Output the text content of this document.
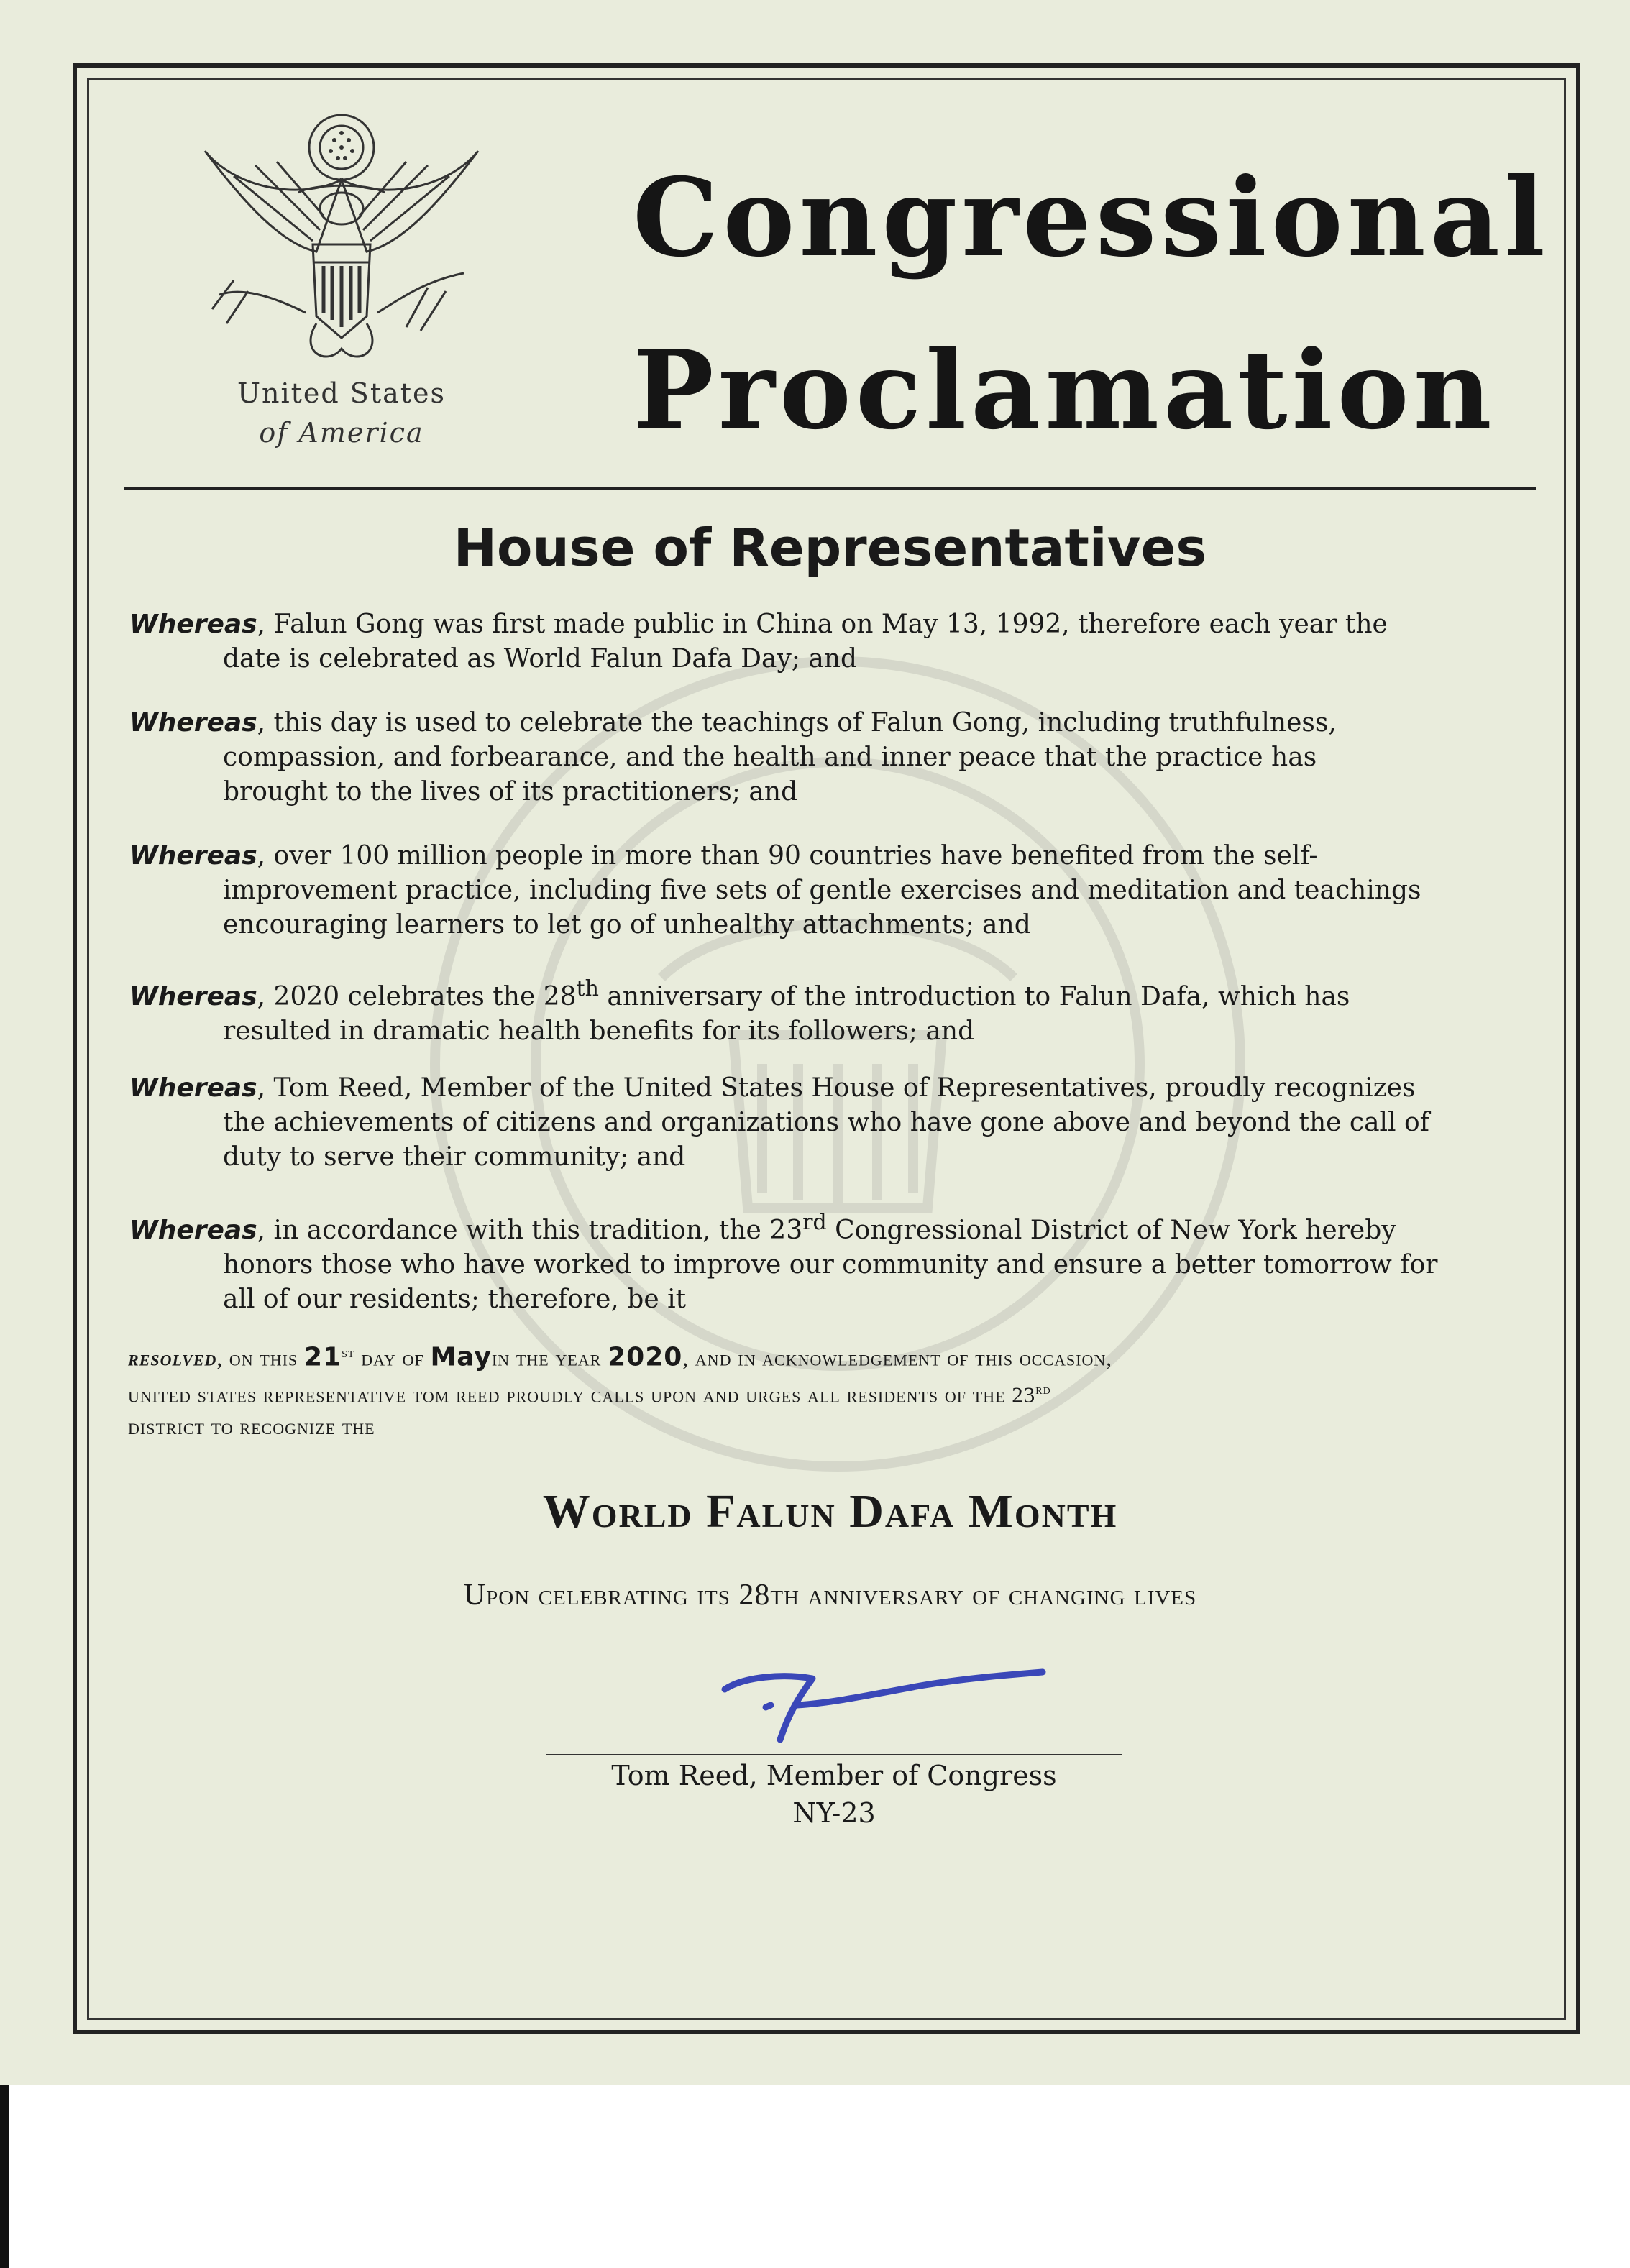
United States
of America
Congressional
Proclamation
House of Representatives
Whereas, Falun Gong was first made public in China on May 13, 1992, therefore each year the
date is celebrated as World Falun Dafa Day; and
Whereas, this day is used to celebrate the teachings of Falun Gong, including truthfulness,
compassion, and forbearance, and the health and inner peace that the practice has
brought to the lives of its practitioners; and
Whereas, over 100 million people in more than 90 countries have benefited from the self-
improvement practice, including five sets of gentle exercises and meditation and teachings
encouraging learners to let go of unhealthy attachments; and
Whereas, 2020 celebrates the 28th anniversary of the introduction to Falun Dafa, which has
resulted in dramatic health benefits for its followers; and
Whereas, Tom Reed, Member of the United States House of Representatives, proudly recognizes
the achievements of citizens and organizations who have gone above and beyond the call of
duty to serve their community; and
Whereas, in accordance with this tradition, the 23rd Congressional District of New York hereby
honors those who have worked to improve our community and ensure a better tomorrow for
all of our residents; therefore, be it
resolved, on this 21st day of Mayin the year 2020, and in acknowledgement of this occasion,
united states representative tom reed proudly calls upon and urges all residents of the 23rd
district to recognize the
World Falun Dafa Month
Upon celebrating its 28th anniversary of changing lives
Tom Reed, Member of Congress
NY-23
